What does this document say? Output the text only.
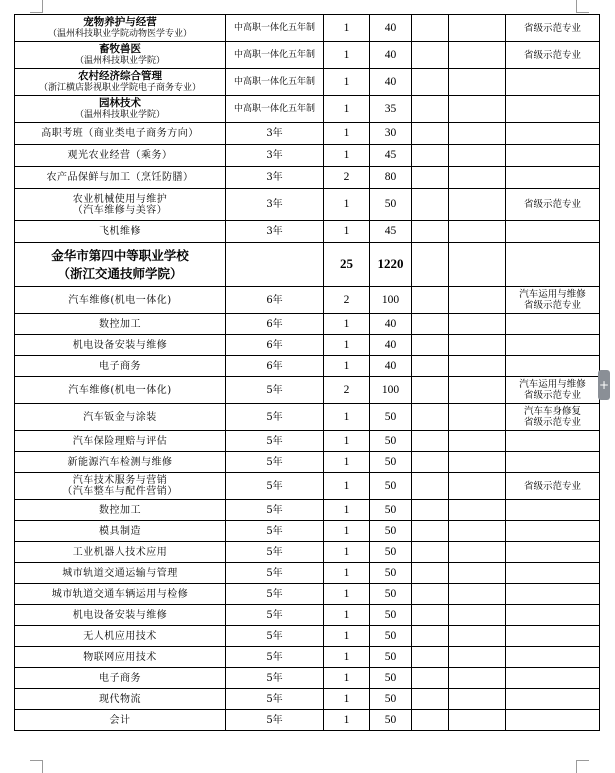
宠物养护与经营
（温州科技职业学院动物医学专业）	中高职一体化五年制	1	40			省级示范专业
畜牧兽医
（温州科技职业学院）	中高职一体化五年制	1	40			省级示范专业
农村经济综合管理
（浙江横店影视职业学院电子商务专业）	中高职一体化五年制	1	40			
园林技术
（温州科技职业学院）	中高职一体化五年制	1	35			
高职考班（商业类电子商务方向）	3年	1	30			
观光农业经营（乘务）	3年	1	45			
农产品保鲜与加工（烹饪防膳）	3年	2	80			
农业机械使用与维护
（汽车维修与美容）	3年	1	50			省级示范专业
飞机维修	3年	1	45			
金华市第四中等职业学校
（浙江交通技师学院）		25	1220			
汽车维修(机电一体化)	6年	2	100			汽车运用与维修
省级示范专业
数控加工	6年	1	40			
机电设备安装与维修	6年	1	40			
电子商务	6年	1	40			
汽车维修(机电一体化)	5年	2	100			汽车运用与维修
省级示范专业
汽车钣金与涂装	5年	1	50			汽车车身修复
省级示范专业
汽车保险理赔与评估	5年	1	50			
新能源汽车检测与维修	5年	1	50			
汽车技术服务与营销
（汽车整车与配件营销）	5年	1	50			省级示范专业
数控加工	5年	1	50			
模具制造	5年	1	50			
工业机器人技术应用	5年	1	50			
城市轨道交通运输与管理	5年	1	50			
城市轨道交通车辆运用与检修	5年	1	50			
机电设备安装与维修	5年	1	50			
无人机应用技术	5年	1	50			
物联网应用技术	5年	1	50			
电子商务	5年	1	50			
现代物流	5年	1	50			
会计	5年	1	50			
+
